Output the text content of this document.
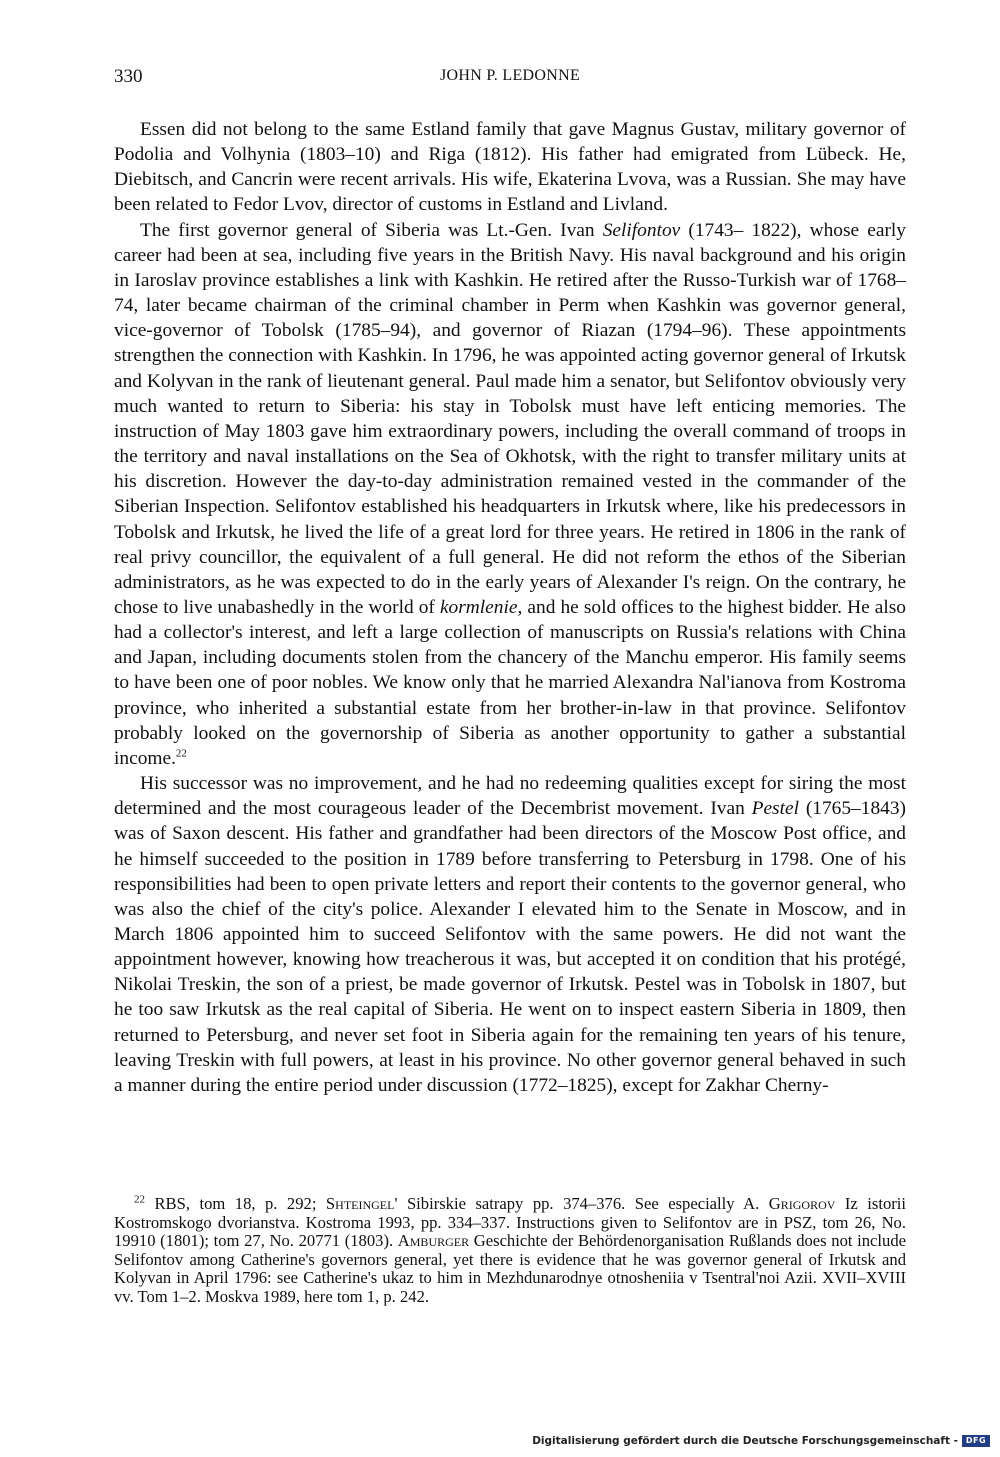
330	JOHN P. LEDONNE

Essen did not belong to the same Estland family that gave Magnus Gustav, military governor of Podolia and Volhynia (1803–10) and Riga (1812). His father had emigrated from Lübeck. He, Diebitsch, and Cancrin were recent arrivals. His wife, Ekaterina Lvova, was a Russian. She may have been related to Fedor Lvov, director of customs in Estland and Livland.

The first governor general of Siberia was Lt.-Gen. Ivan Selifontov (1743– 1822), whose early career had been at sea, including five years in the British Navy. His naval background and his origin in Iaroslav province establishes a link with Kashkin. He retired after the Russo-Turkish war of 1768–74, later became chairman of the criminal chamber in Perm when Kashkin was governor general, vice-governor of Tobolsk (1785–94), and governor of Riazan (1794–96). These appointments strengthen the connection with Kashkin. In 1796, he was appointed acting governor general of Irkutsk and Kolyvan in the rank of lieutenant general. Paul made him a senator, but Selifontov obviously very much wanted to return to Siberia: his stay in Tobolsk must have left enticing memories. The instruction of May 1803 gave him extraordinary powers, including the overall command of troops in the territory and naval installations on the Sea of Okhotsk, with the right to transfer military units at his discretion. However the day-to-day administration remained vested in the commander of the Siberian Inspection. Selifontov established his headquarters in Irkutsk where, like his predecessors in Tobolsk and Irkutsk, he lived the life of a great lord for three years. He retired in 1806 in the rank of real privy councillor, the equivalent of a full general. He did not reform the ethos of the Siberian administrators, as he was expected to do in the early years of Alexander I's reign. On the contrary, he chose to live unabashedly in the world of kormlenie, and he sold offices to the highest bidder. He also had a collector's interest, and left a large collection of manuscripts on Russia's relations with China and Japan, including documents stolen from the chancery of the Manchu emperor. His family seems to have been one of poor nobles. We know only that he married Alexandra Nal'ianova from Kostroma province, who inherited a substantial estate from her brother-in-law in that province. Selifontov probably looked on the governorship of Siberia as another opportunity to gather a substantial income.$^{22}$

His successor was no improvement, and he had no redeeming qualities except for siring the most determined and the most courageous leader of the Decembrist movement. Ivan Pestel (1765–1843) was of Saxon descent. His father and grandfather had been directors of the Moscow Post office, and he himself succeeded to the position in 1789 before transferring to Petersburg in 1798. One of his responsibilities had been to open private letters and report their contents to the governor general, who was also the chief of the city's police. Alexander I elevated him to the Senate in Moscow, and in March 1806 appointed him to succeed Selifontov with the same powers. He did not want the appointment however, knowing how treacherous it was, but accepted it on condition that his protégé, Nikolai Treskin, the son of a priest, be made governor of Irkutsk. Pestel was in Tobolsk in 1807, but he too saw Irkutsk as the real capital of Siberia. He went on to inspect eastern Siberia in 1809, then returned to Petersburg, and never set foot in Siberia again for the remaining ten years of his tenure, leaving Treskin with full powers, at least in his province. No other governor general behaved in such a manner during the entire period under discussion (1772–1825), except for Zakhar Cherny-

$^{22}$ RBS, tom 18, p. 292; Shteingel' Sibirskie satrapy pp. 374–376. See especially A. Grigorov Iz istorii Kostromskogo dvorianstva. Kostroma 1993, pp. 334–337. Instructions given to Selifontov are in PSZ, tom 26, No. 19910 (1801); tom 27, No. 20771 (1803). Amburger Geschichte der Behördenorganisation Rußlands does not include Selifontov among Catherine's governors general, yet there is evidence that he was governor general of Irkutsk and Kolyvan in April 1796: see Catherine's ukaz to him in Mezhdunarodnye otnosheniia v Tsentral'noi Azii. XVII–XVIII vv. Tom 1–2. Moskva 1989, here tom 1, p. 242.

Digitalisierung gefördert durch die Deutsche Forschungsgemeinschaft - DFG
